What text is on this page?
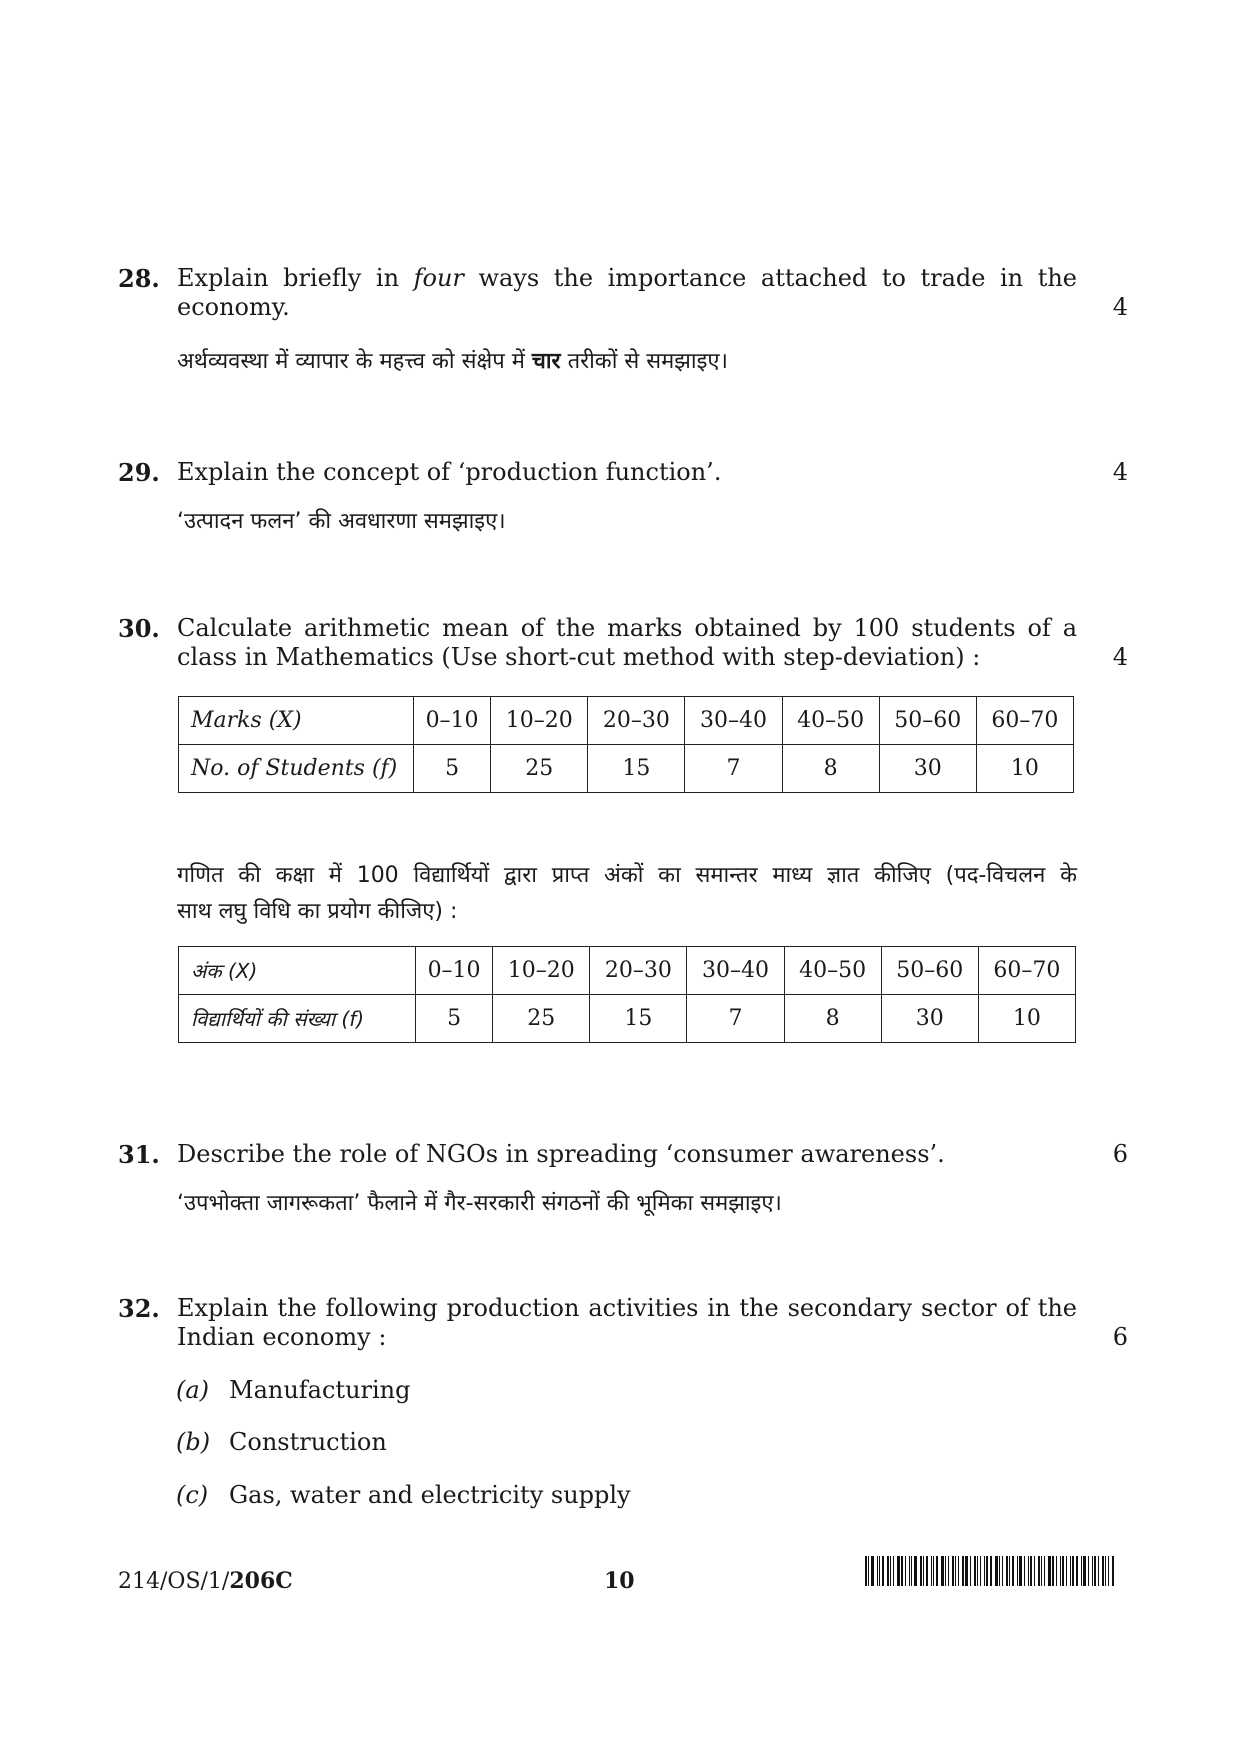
28. Explain briefly in four ways the importance attached to trade in the
economy.	4
अर्थव्यवस्था में व्यापार के महत्त्व को संक्षेप में चार तरीकों से समझाइए।
29. Explain the concept of ‘production function’.	4
‘उत्पादन फलन’ की अवधारणा समझाइए।
30. Calculate arithmetic mean of the marks obtained by 100 students of a
class in Mathematics (Use short-cut method with step-deviation) :	4
Marks (X)	0–10	10–20	20–30	30–40	40–50	50–60	60–70
No. of Students (f)	5	25	15	7	8	30	10
गणित की कक्षा में 100 विद्यार्थियों द्वारा प्राप्त अंकों का समान्तर माध्य ज्ञात कीजिए (पद-विचलन के
साथ लघु विधि का प्रयोग कीजिए) :
अंक (X)	0–10	10–20	20–30	30–40	40–50	50–60	60–70
विद्यार्थियों की संख्या (f)	5	25	15	7	8	30	10
31. Describe the role of NGOs in spreading ‘consumer awareness’.	6
‘उपभोक्ता जागरूकता’ फैलाने में गैर-सरकारी संगठनों की भूमिका समझाइए।
32. Explain the following production activities in the secondary sector of the
Indian economy :	6
(a) Manufacturing
(b) Construction
(c) Gas, water and electricity supply
214/OS/1/206C	10
